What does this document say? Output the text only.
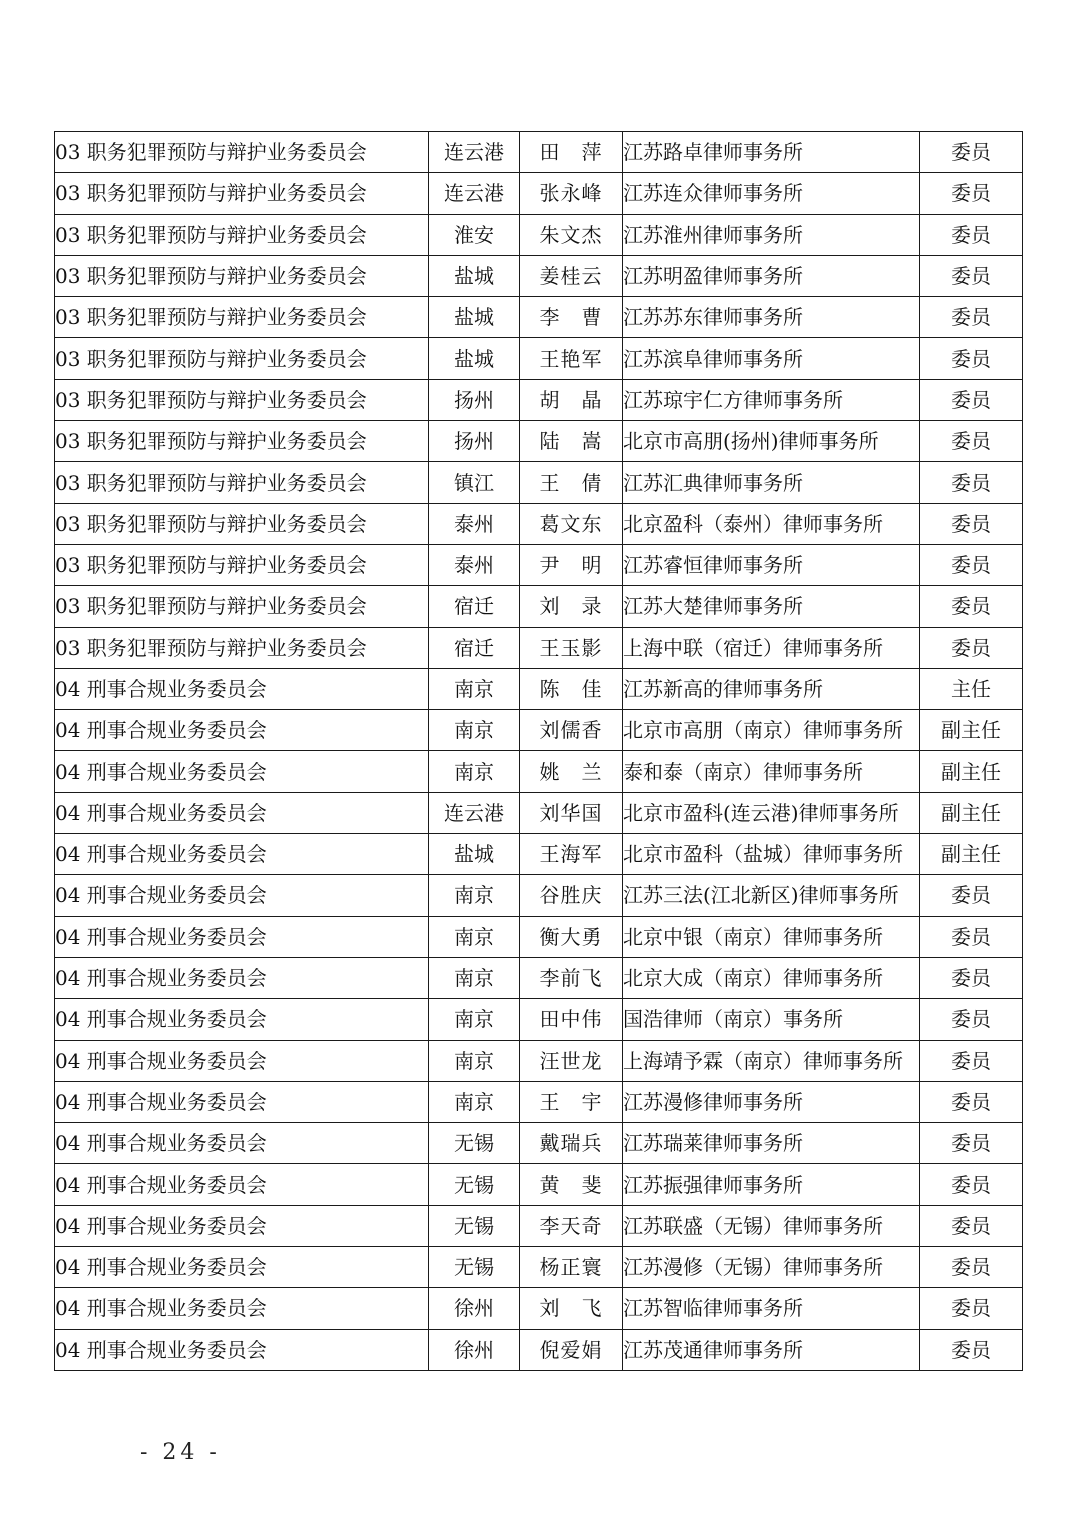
03 职务犯罪预防与辩护业务委员会	连云港	田　萍	江苏路卓律师事务所	委员
03 职务犯罪预防与辩护业务委员会	连云港	张永峰	江苏连众律师事务所	委员
03 职务犯罪预防与辩护业务委员会	淮安	朱文杰	江苏淮州律师事务所	委员
03 职务犯罪预防与辩护业务委员会	盐城	姜桂云	江苏明盈律师事务所	委员
03 职务犯罪预防与辩护业务委员会	盐城	李　曹	江苏苏东律师事务所	委员
03 职务犯罪预防与辩护业务委员会	盐城	王艳军	江苏滨阜律师事务所	委员
03 职务犯罪预防与辩护业务委员会	扬州	胡　晶	江苏琼宇仁方律师事务所	委员
03 职务犯罪预防与辩护业务委员会	扬州	陆　嵩	北京市高朋(扬州)律师事务所	委员
03 职务犯罪预防与辩护业务委员会	镇江	王　倩	江苏汇典律师事务所	委员
03 职务犯罪预防与辩护业务委员会	泰州	葛文东	北京盈科（泰州）律师事务所	委员
03 职务犯罪预防与辩护业务委员会	泰州	尹　明	江苏睿恒律师事务所	委员
03 职务犯罪预防与辩护业务委员会	宿迁	刘　录	江苏大楚律师事务所	委员
03 职务犯罪预防与辩护业务委员会	宿迁	王玉影	上海中联（宿迁）律师事务所	委员
04 刑事合规业务委员会	南京	陈　佳	江苏新高的律师事务所	主任
04 刑事合规业务委员会	南京	刘儒香	北京市高朋（南京）律师事务所	副主任
04 刑事合规业务委员会	南京	姚　兰	泰和泰（南京）律师事务所	副主任
04 刑事合规业务委员会	连云港	刘华国	北京市盈科(连云港)律师事务所	副主任
04 刑事合规业务委员会	盐城	王海军	北京市盈科（盐城）律师事务所	副主任
04 刑事合规业务委员会	南京	谷胜庆	江苏三法(江北新区)律师事务所	委员
04 刑事合规业务委员会	南京	衡大勇	北京中银（南京）律师事务所	委员
04 刑事合规业务委员会	南京	李前飞	北京大成（南京）律师事务所	委员
04 刑事合规业务委员会	南京	田中伟	国浩律师（南京）事务所	委员
04 刑事合规业务委员会	南京	汪世龙	上海靖予霖（南京）律师事务所	委员
04 刑事合规业务委员会	南京	王　宇	江苏漫修律师事务所	委员
04 刑事合规业务委员会	无锡	戴瑞兵	江苏瑞莱律师事务所	委员
04 刑事合规业务委员会	无锡	黄　斐	江苏振强律师事务所	委员
04 刑事合规业务委员会	无锡	李天奇	江苏联盛（无锡）律师事务所	委员
04 刑事合规业务委员会	无锡	杨正寰	江苏漫修（无锡）律师事务所	委员
04 刑事合规业务委员会	徐州	刘　飞	江苏智临律师事务所	委员
04 刑事合规业务委员会	徐州	倪爱娟	江苏茂通律师事务所	委员
- 24 -
